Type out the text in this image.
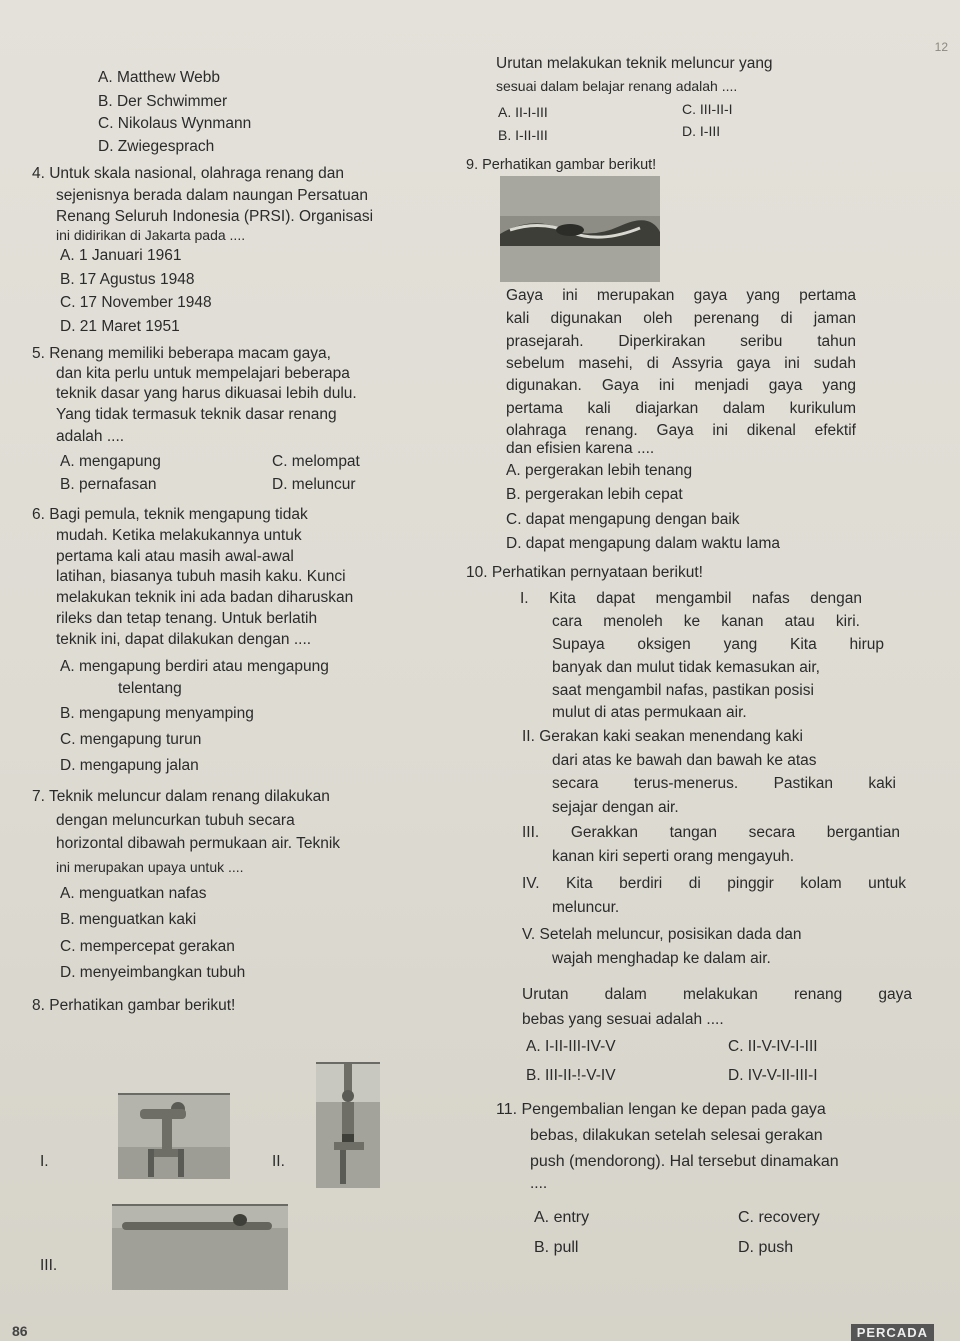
12
A. Matthew Webb
B. Der Schwimmer
C. Nikolaus Wynmann
D. Zwiegesprach
4. Untuk skala nasional, olahraga renang dan
sejenisnya berada dalam naungan Persatuan
Renang Seluruh Indonesia (PRSI). Organisasi
ini didirikan di Jakarta pada ....
A. 1 Januari 1961
B. 17 Agustus 1948
C. 17 November 1948
D. 21 Maret 1951
5. Renang memiliki beberapa macam gaya,
dan kita perlu untuk mempelajari beberapa
teknik dasar yang harus dikuasai lebih dulu.
Yang tidak termasuk teknik dasar renang
adalah ....
A. mengapung	C. melompat
B. pernafasan	D. meluncur
6. Bagi pemula, teknik mengapung tidak
mudah. Ketika melakukannya untuk
pertama kali atau masih awal-awal
latihan, biasanya tubuh masih kaku. Kunci
melakukan teknik ini ada badan diharuskan
rileks dan tetap tenang. Untuk berlatih
teknik ini, dapat dilakukan dengan ....
A. mengapung berdiri atau mengapung
telentang
B. mengapung menyamping
C. mengapung turun
D. mengapung jalan
7. Teknik meluncur dalam renang dilakukan
dengan meluncurkan tubuh secara
horizontal dibawah permukaan air. Teknik
ini merupakan upaya untuk ....
A. menguatkan nafas
B. menguatkan kaki
C. mempercepat gerakan
D. menyeimbangkan tubuh
8. Perhatikan gambar berikut!
I.	II.
III.
Urutan melakukan teknik meluncur yang
sesuai dalam belajar renang adalah ....
A. II-I-III	C. III-II-I
B. I-II-III	D. I-III
9. Perhatikan gambar berikut!
Gaya ini merupakan gaya yang pertama
kali digunakan oleh perenang di jaman
prasejarah. Diperkirakan seribu tahun
sebelum masehi, di Assyria gaya ini sudah
digunakan. Gaya ini menjadi gaya yang
pertama kali diajarkan dalam kurikulum
olahraga renang. Gaya ini dikenal efektif
dan efisien karena ....
A. pergerakan lebih tenang
B. pergerakan lebih cepat
C. dapat mengapung dengan baik
D. dapat mengapung dalam waktu lama
10. Perhatikan pernyataan berikut!
I. Kita dapat mengambil nafas dengan
cara menoleh ke kanan atau kiri.
Supaya oksigen yang Kita hirup
banyak dan mulut tidak kemasukan air,
saat mengambil nafas, pastikan posisi
mulut di atas permukaan air.
II. Gerakan kaki seakan menendang kaki
dari atas ke bawah dan bawah ke atas
secara terus-menerus. Pastikan kaki
sejajar dengan air.
III. Gerakkan tangan secara bergantian
kanan kiri seperti orang mengayuh.
IV. Kita berdiri di pinggir kolam untuk
meluncur.
V. Setelah meluncur, posisikan dada dan
wajah menghadap ke dalam air.
Urutan dalam melakukan renang gaya
bebas yang sesuai adalah ....
A. I-II-III-IV-V	C. II-V-IV-I-III
B. III-II-!-V-IV	D. IV-V-II-III-I
11. Pengembalian lengan ke depan pada gaya
bebas, dilakukan setelah selesai gerakan
push (mendorong). Hal tersebut dinamakan
....
A. entry	C. recovery
B. pull	D. push
86	PERCADA
